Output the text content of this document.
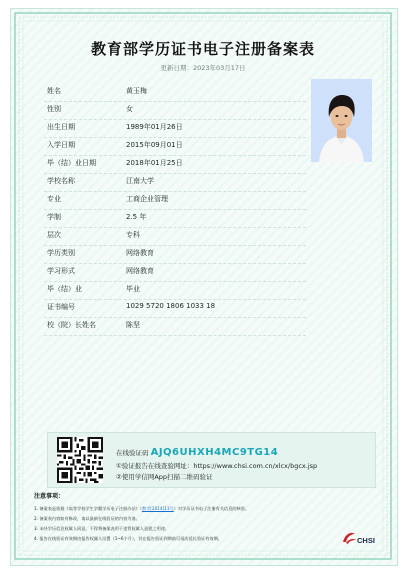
教育部学历证书电子注册备案表
更新日期：2023年03月17日
姓名	黄玉梅
性别	女
出生日期	1989年01月26日
入学日期	2015年09月01日
毕（结）业日期	2018年01月25日
学校名称	江南大学
专业	工商企业管理
学制	2.5 年
层次	专科
学历类别	网络教育
学习形式	网络教育
毕（结）业	毕业
证书编号	1029 5720 1806 1033 18
校（院）长姓名	陈坚
在线验证码 AJQ6UHXH4MC9TG14
①验证报告在线查验网址：https://www.chsi.com.cn/xlcx/bgcx.jsp
②使用学信网App扫描二维码验证
注意事项：
1. 备案表是依据《高等学校学生学籍学历电子注册办法》（教学[2014]11号）对学历证书电子注册有关信息的核验。
2. 备案表内容如有修改，请以最新在线验证的内容为准。
3. 未经学历信息权属人同意，不得将备案表用于违背权属人意愿之用途。
4. 报告在线验证有效期由报告权属人设置（1~6个月），其在报告验证到期前可再次延长验证有效期。	CHSI
